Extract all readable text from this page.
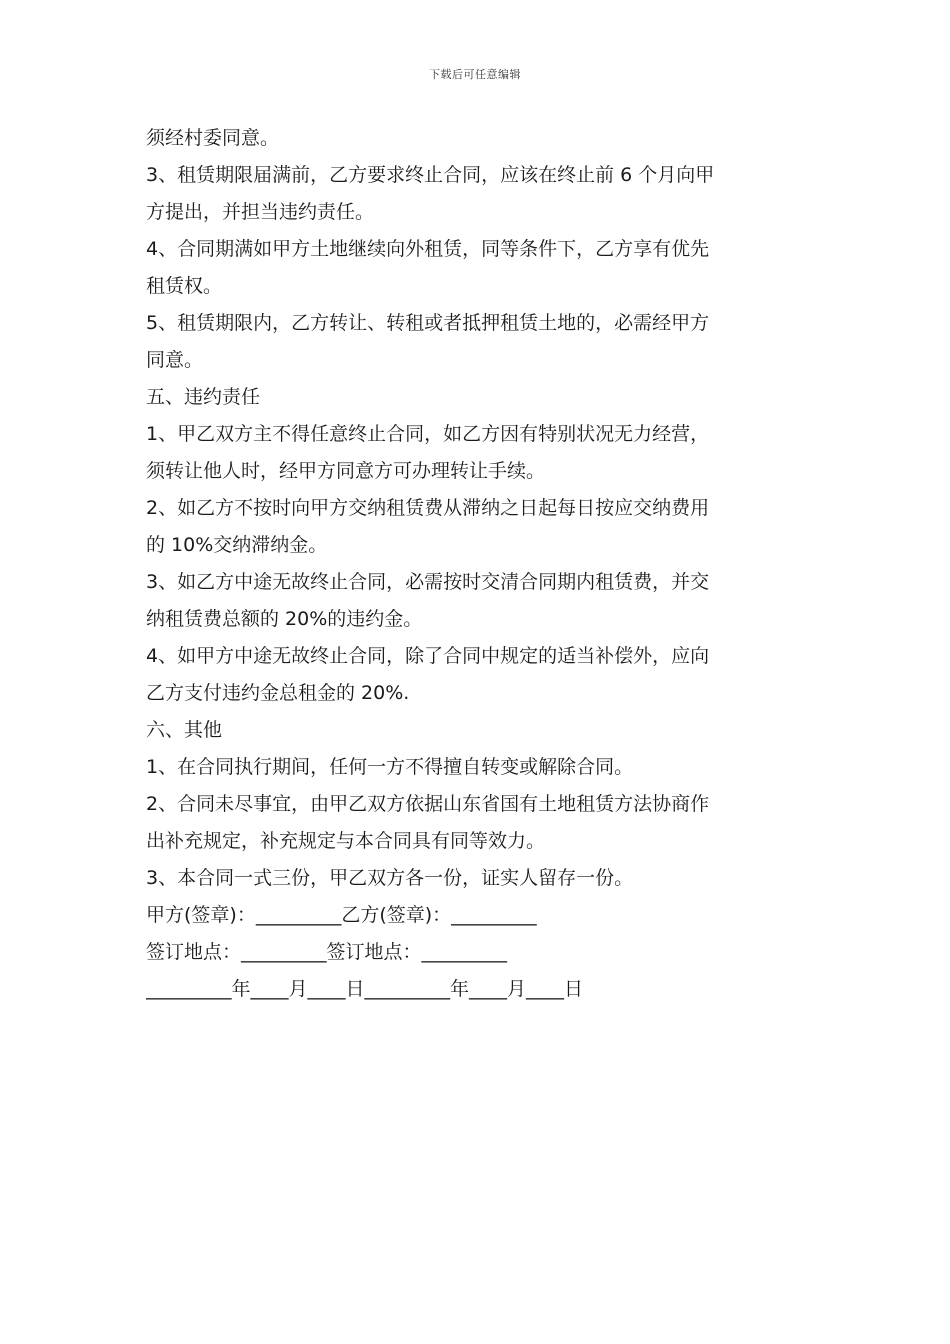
下载后可任意编辑
须经村委同意。
3、租赁期限届满前，乙方要求终止合同，应该在终止前 6 个月向甲
方提出，并担当违约责任。
4、合同期满如甲方土地继续向外租赁，同等条件下，乙方享有优先
租赁权。
5、租赁期限内，乙方转让、转租或者抵押租赁土地的，必需经甲方
同意。
五、违约责任
1、甲乙双方主不得任意终止合同，如乙方因有特别状况无力经营，
须转让他人时，经甲方同意方可办理转让手续。
2、如乙方不按时向甲方交纳租赁费从滞纳之日起每日按应交纳费用
的 10%交纳滞纳金。
3、如乙方中途无故终止合同，必需按时交清合同期内租赁费，并交
纳租赁费总额的 20%的违约金。
4、如甲方中途无故终止合同，除了合同中规定的适当补偿外，应向
乙方支付违约金总租金的 20%.
六、其他
1、在合同执行期间，任何一方不得擅自转变或解除合同。
2、合同未尽事宜，由甲乙双方依据山东省国有土地租赁方法协商作
出补充规定，补充规定与本合同具有同等效力。
3、本合同一式三份，甲乙双方各一份，证实人留存一份。
甲方(签章)：_________乙方(签章)：_________
签订地点：_________签订地点：_________
_________年____月____日_________年____月____日
